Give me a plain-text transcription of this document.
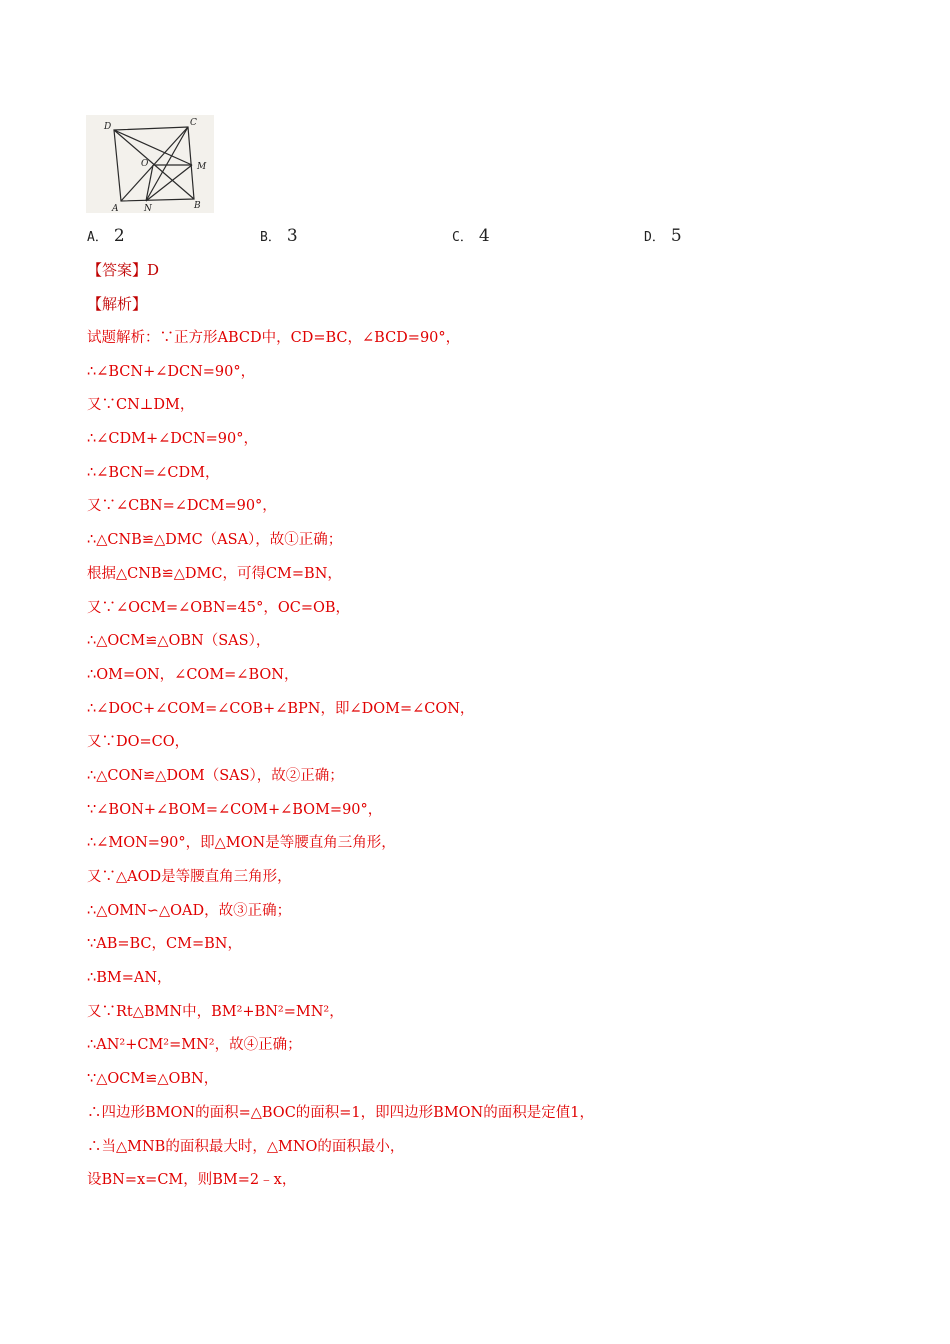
D	C
O	M
A	N	B
A． 2	B． 3	C． 4	D． 5
【答案】D
【解析】
试题解析：∵正方形ABCD中，CD=BC，∠BCD=90°，
∴∠BCN+∠DCN=90°，
又∵CN⊥DM，
∴∠CDM+∠DCN=90°，
∴∠BCN=∠CDM，
又∵∠CBN=∠DCM=90°，
∴△CNB≌△DMC（ASA），故①正确；
根据△CNB≌△DMC，可得CM=BN，
又∵∠OCM=∠OBN=45°，OC=OB，
∴△OCM≌△OBN（SAS），
∴OM=ON，∠COM=∠BON，
∴∠DOC+∠COM=∠COB+∠BPN，即∠DOM=∠CON，
又∵DO=CO，
∴△CON≌△DOM（SAS），故②正确；
∵∠BON+∠BOM=∠COM+∠BOM=90°，
∴∠MON=90°，即△MON是等腰直角三角形，
又∵△AOD是等腰直角三角形，
∴△OMN∽△OAD，故③正确；
∵AB=BC，CM=BN，
∴BM=AN，
又∵Rt△BMN中，BM²+BN²=MN²，
∴AN²+CM²=MN²，故④正确；
∵△OCM≌△OBN，
∴四边形BMON的面积=△BOC的面积=1，即四边形BMON的面积是定值1，
∴当△MNB的面积最大时，△MNO的面积最小，
设BN=x=CM，则BM=2﹣x，
